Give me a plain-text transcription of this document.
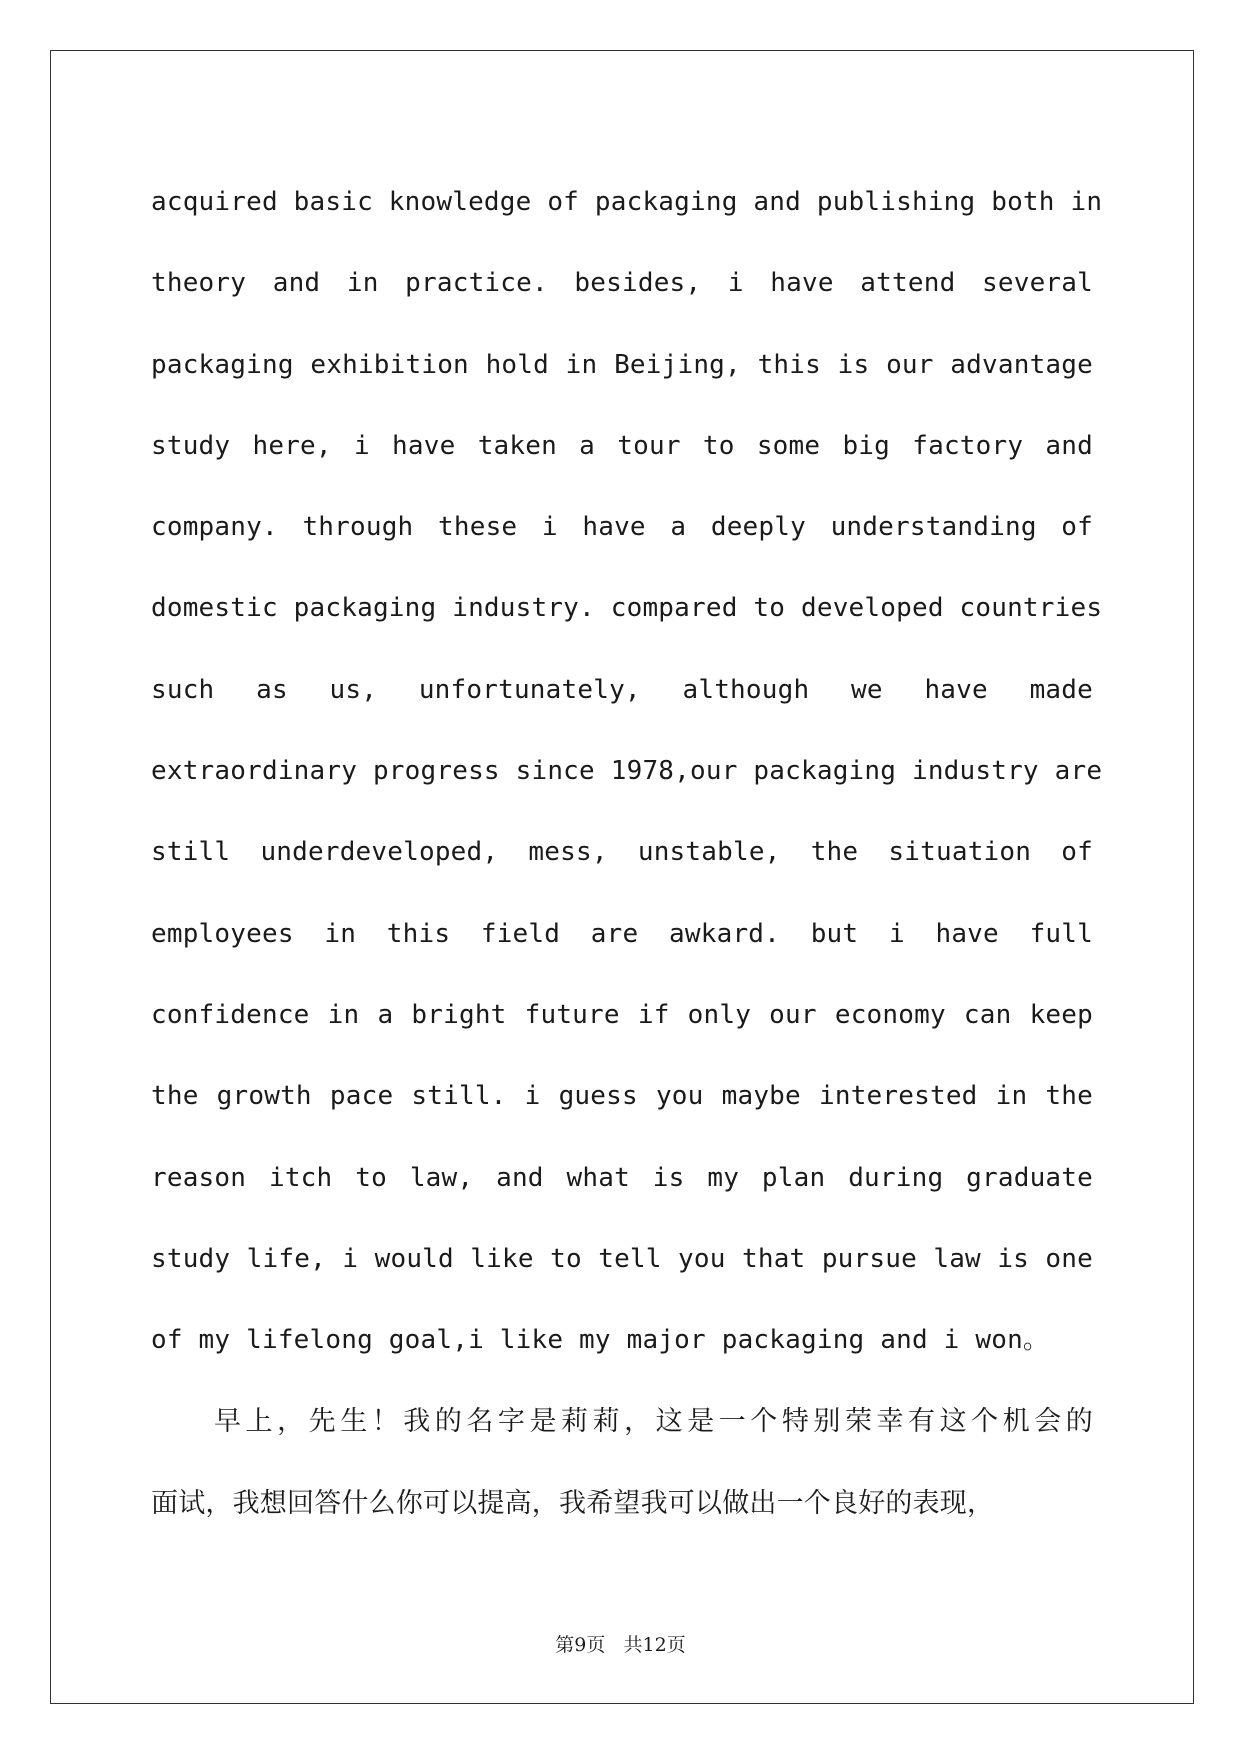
acquired basic knowledge of packaging and publishing both in
theory and in practice. besides, i have attend several
packaging exhibition hold in Beijing, this is our advantage
study here, i have taken a tour to some big factory and
company. through these i have a deeply understanding of
domestic packaging industry. compared to developed countries
such as us, unfortunately, although we have made
extraordinary progress since 1978,our packaging industry are
still underdeveloped, mess, unstable, the situation of
employees in this field are awkard. but i have full
confidence in a bright future if only our economy can keep
the growth pace still. i guess you maybe interested in the
reason itch to law, and what is my plan during graduate
study life, i would like to tell you that pursue law is one
of my lifelong goal,i like my major packaging and i won。
早上，先生！我的名字是莉莉，这是一个特别荣幸有这个机会的
面试，我想回答什么你可以提高，我希望我可以做出一个良好的表现，
第9页 共12页
